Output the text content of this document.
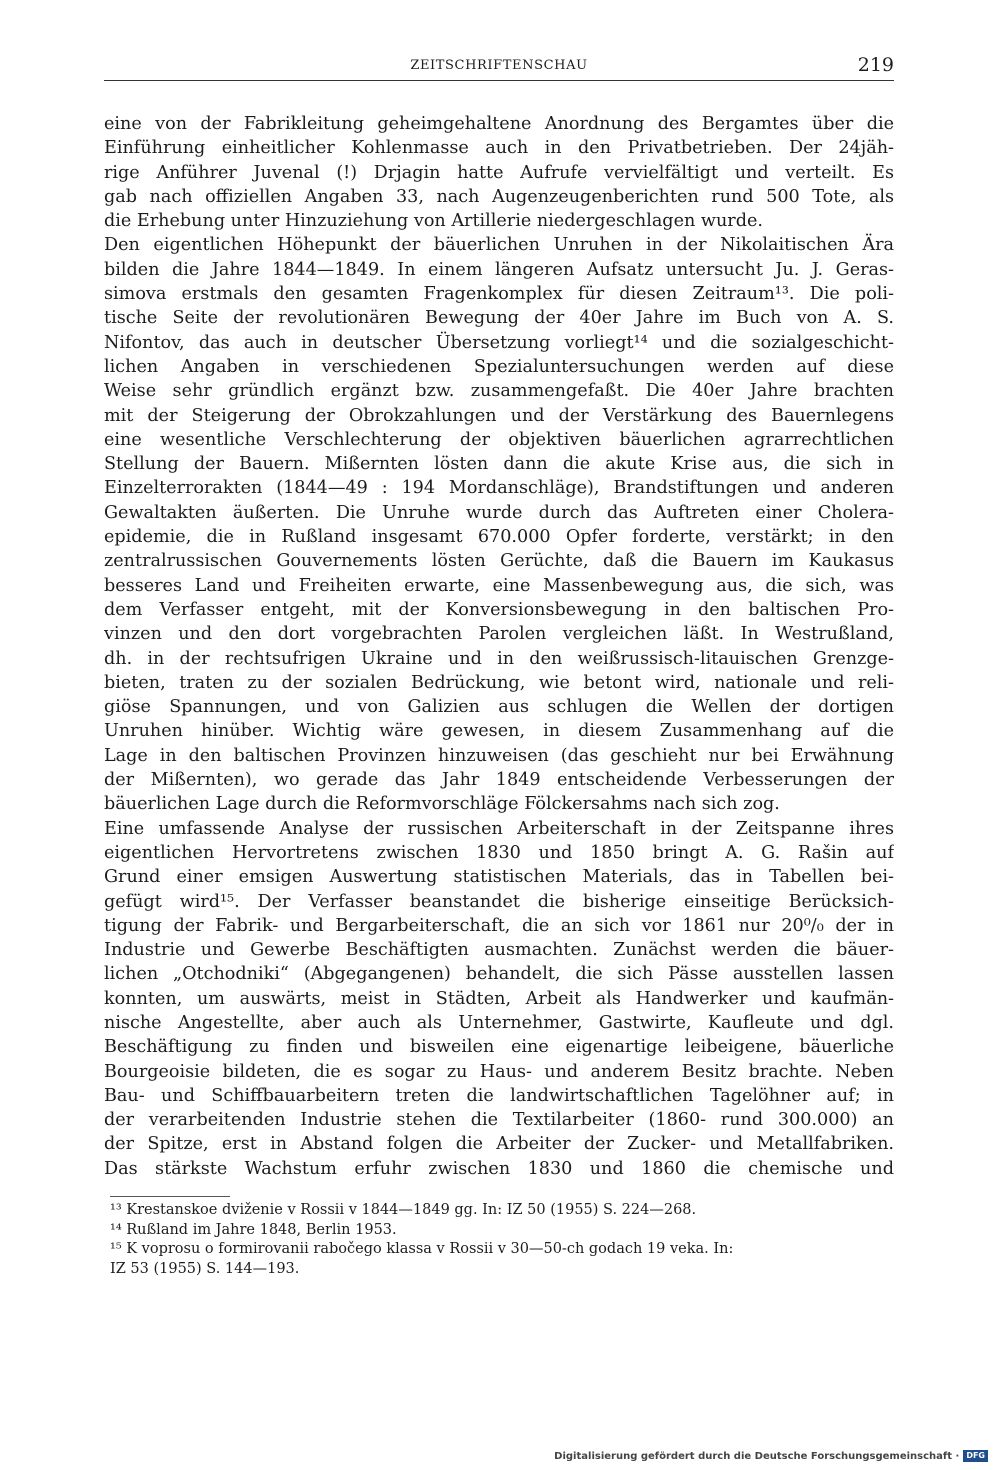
ZEITSCHRIFTENSCHAU	219
eine von der Fabrikleitung geheimgehaltene Anordnung des Bergamtes über die
Einführung einheitlicher Kohlenmasse auch in den Privatbetrieben. Der 24jäh-
rige Anführer Juvenal (!) Drjagin hatte Aufrufe vervielfältigt und verteilt. Es
gab nach offiziellen Angaben 33, nach Augenzeugenberichten rund 500 Tote, als
die Erhebung unter Hinzuziehung von Artillerie niedergeschlagen wurde.
Den eigentlichen Höhepunkt der bäuerlichen Unruhen in der Nikolaitischen Ära
bilden die Jahre 1844—1849. In einem längeren Aufsatz untersucht Ju. J. Geras-
simova erstmals den gesamten Fragenkomplex für diesen Zeitraum¹³. Die poli-
tische Seite der revolutionären Bewegung der 40er Jahre im Buch von A. S.
Nifontov, das auch in deutscher Übersetzung vorliegt¹⁴ und die sozialgeschicht-
lichen Angaben in verschiedenen Spezialuntersuchungen werden auf diese
Weise sehr gründlich ergänzt bzw. zusammengefaßt. Die 40er Jahre brachten
mit der Steigerung der Obrokzahlungen und der Verstärkung des Bauernlegens
eine wesentliche Verschlechterung der objektiven bäuerlichen agrarrechtlichen
Stellung der Bauern. Mißernten lösten dann die akute Krise aus, die sich in
Einzelterrorakten (1844—49 : 194 Mordanschläge), Brandstiftungen und anderen
Gewaltakten äußerten. Die Unruhe wurde durch das Auftreten einer Cholera-
epidemie, die in Rußland insgesamt 670.000 Opfer forderte, verstärkt; in den
zentralrussischen Gouvernements lösten Gerüchte, daß die Bauern im Kaukasus
besseres Land und Freiheiten erwarte, eine Massenbewegung aus, die sich, was
dem Verfasser entgeht, mit der Konversionsbewegung in den baltischen Pro-
vinzen und den dort vorgebrachten Parolen vergleichen läßt. In Westrußland,
dh. in der rechtsufrigen Ukraine und in den weißrussisch-litauischen Grenzge-
bieten, traten zu der sozialen Bedrückung, wie betont wird, nationale und reli-
giöse Spannungen, und von Galizien aus schlugen die Wellen der dortigen
Unruhen hinüber. Wichtig wäre gewesen, in diesem Zusammenhang auf die
Lage in den baltischen Provinzen hinzuweisen (das geschieht nur bei Erwähnung
der Mißernten), wo gerade das Jahr 1849 entscheidende Verbesserungen der
bäuerlichen Lage durch die Reformvorschläge Fölckersahms nach sich zog.
Eine umfassende Analyse der russischen Arbeiterschaft in der Zeitspanne ihres
eigentlichen Hervortretens zwischen 1830 und 1850 bringt A. G. Rašin auf
Grund einer emsigen Auswertung statistischen Materials, das in Tabellen bei-
gefügt wird¹⁵. Der Verfasser beanstandet die bisherige einseitige Berücksich-
tigung der Fabrik- und Bergarbeiterschaft, die an sich vor 1861 nur 20⁰/₀ der in
Industrie und Gewerbe Beschäftigten ausmachten. Zunächst werden die bäuer-
lichen „Otchodniki“ (Abgegangenen) behandelt, die sich Pässe ausstellen lassen
konnten, um auswärts, meist in Städten, Arbeit als Handwerker und kaufmän-
nische Angestellte, aber auch als Unternehmer, Gastwirte, Kaufleute und dgl.
Beschäftigung zu finden und bisweilen eine eigenartige leibeigene, bäuerliche
Bourgeoisie bildeten, die es sogar zu Haus- und anderem Besitz brachte. Neben
Bau- und Schiffbauarbeitern treten die landwirtschaftlichen Tagelöhner auf; in
der verarbeitenden Industrie stehen die Textilarbeiter (1860- rund 300.000) an
der Spitze, erst in Abstand folgen die Arbeiter der Zucker- und Metallfabriken.
Das stärkste Wachstum erfuhr zwischen 1830 und 1860 die chemische und
¹³ Krestanskoe dviženie v Rossii v 1844—1849 gg. In: IZ 50 (1955) S. 224—268.
¹⁴ Rußland im Jahre 1848, Berlin 1953.
¹⁵ K voprosu o formirovanii rabočego klassa v Rossii v 30—50-ch godach 19 veka. In:
IZ 53 (1955) S. 144—193.
Digitalisierung gefördert durch die Deutsche Forschungsgemeinschaft · DFG
